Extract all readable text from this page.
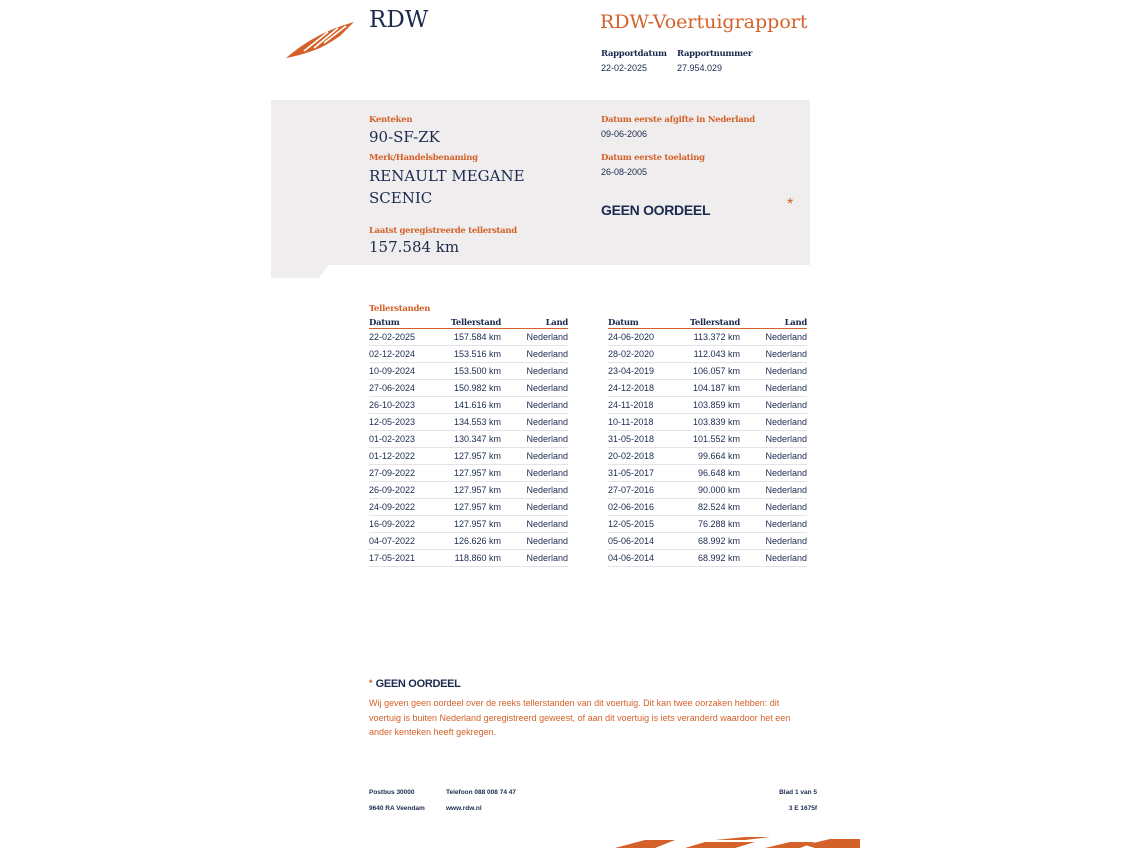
RDW	RDW-Voertuigrapport
Rapportdatum
22-02-2025
Rapportnummer
27.954.029
Kenteken
90-SF-ZK
Merk/Handelsbenaming
RENAULT MEGANE
SCENIC
Laatst geregistreerde tellerstand
157.584 km
Datum eerste afgifte in Nederland
09-06-2006
Datum eerste toelating
26-08-2005
GEEN OORDEEL	*
Tellerstanden
Datum	Tellerstand	Land
22-02-2025	157.584 km	Nederland
02-12-2024	153.516 km	Nederland
10-09-2024	153.500 km	Nederland
27-06-2024	150.982 km	Nederland
26-10-2023	141.616 km	Nederland
12-05-2023	134.553 km	Nederland
01-02-2023	130.347 km	Nederland
01-12-2022	127.957 km	Nederland
27-09-2022	127.957 km	Nederland
26-09-2022	127.957 km	Nederland
24-09-2022	127.957 km	Nederland
16-09-2022	127.957 km	Nederland
04-07-2022	126.626 km	Nederland
17-05-2021	118.860 km	Nederland
Datum	Tellerstand	Land
24-06-2020	113.372 km	Nederland
28-02-2020	112.043 km	Nederland
23-04-2019	106.057 km	Nederland
24-12-2018	104.187 km	Nederland
24-11-2018	103.859 km	Nederland
10-11-2018	103.839 km	Nederland
31-05-2018	101.552 km	Nederland
20-02-2018	99.664 km	Nederland
31-05-2017	96.648 km	Nederland
27-07-2016	90.000 km	Nederland
02-06-2016	82.524 km	Nederland
12-05-2015	76.288 km	Nederland
05-06-2014	68.992 km	Nederland
04-06-2014	68.992 km	Nederland
* GEEN OORDEEL
Wij geven geen oordeel over de reeks tellerstanden van dit voertuig. Dit kan twee oorzaken hebben: dit
voertuig is buiten Nederland geregistreerd geweest, of aan dit voertuig is iets veranderd waardoor het een
ander kenteken heeft gekregen.
Postbus 30000
9640 RA Veendam
Telefoon 088 008 74 47
www.rdw.nl
Blad 1 van 5
3 E 1675f
